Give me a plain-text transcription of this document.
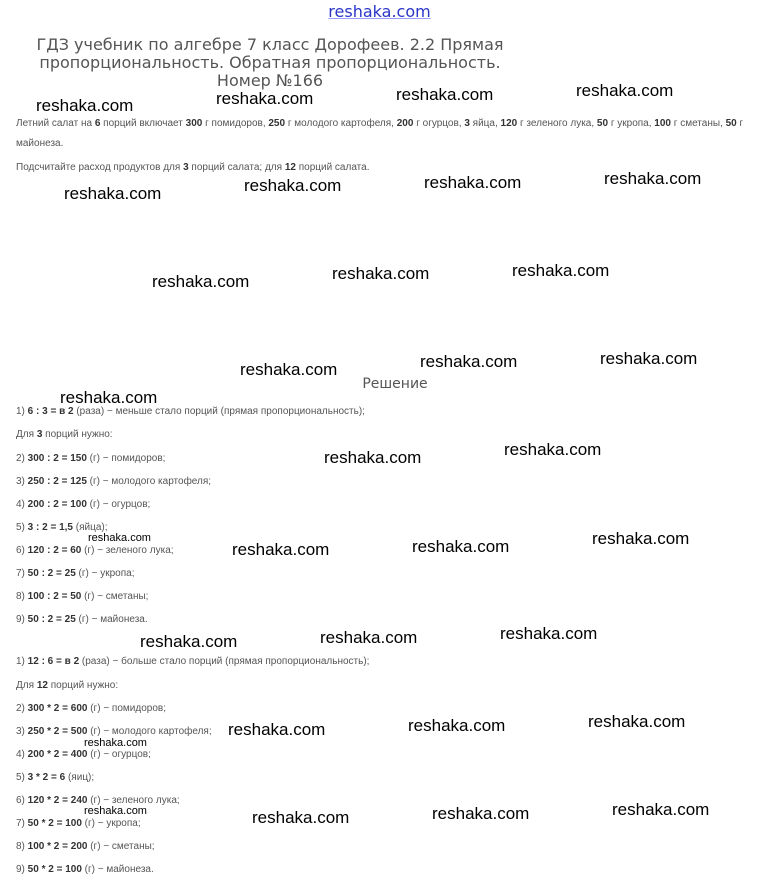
reshaka.com
ГДЗ учебник по алгебре 7 класс Дорофеев. 2.2 Прямая пропорциональность. Обратная пропорциональность. Номер №166
Летний салат на 6 порций включает 300 г помидоров, 250 г молодого картофеля, 200 г огурцов, 3 яйца, 120 г зеленого лука, 50 г укропа, 100 г сметаны, 50 г майонеза.
Подсчитайте расход продуктов для 3 порций салата; для 12 порций салата.
Решение
1) 6 : 3 = в 2 (раза) − меньше стало порций (прямая пропорциональность);
Для 3 порций нужно:
2) 300 : 2 = 150 (г) − помидоров;
3) 250 : 2 = 125 (г) − молодого картофеля;
4) 200 : 2 = 100 (г) − огурцов;
5) 3 : 2 = 1,5 (яйца);
6) 120 : 2 = 60 (г) − зеленого лука;
7) 50 : 2 = 25 (г) − укропа;
8) 100 : 2 = 50 (г) − сметаны;
9) 50 : 2 = 25 (г) − майонеза.
1) 12 : 6 = в 2 (раза) − больше стало порций (прямая пропорциональность);
Для 12 порций нужно:
2) 300 * 2 = 600 (г) − помидоров;
3) 250 * 2 = 500 (г) − молодого картофеля;
4) 200 * 2 = 400 (г) − огурцов;
5) 3 * 2 = 6 (яиц);
6) 120 * 2 = 240 (г) − зеленого лука;
7) 50 * 2 = 100 (г) − укропа;
8) 100 * 2 = 200 (г) − сметаны;
9) 50 * 2 = 100 (г) − майонеза.
reshaka.com	reshaka.com	reshaka.com	reshaka.com
reshaka.com	reshaka.com	reshaka.com	reshaka.com
reshaka.com	reshaka.com	reshaka.com
reshaka.com	reshaka.com	reshaka.com
reshaka.com
reshaka.com	reshaka.com
reshaka.com
reshaka.com	reshaka.com	reshaka.com
reshaka.com	reshaka.com	reshaka.com
reshaka.com	reshaka.com	reshaka.com
reshaka.com
reshaka.com	reshaka.com	reshaka.com	reshaka.com
